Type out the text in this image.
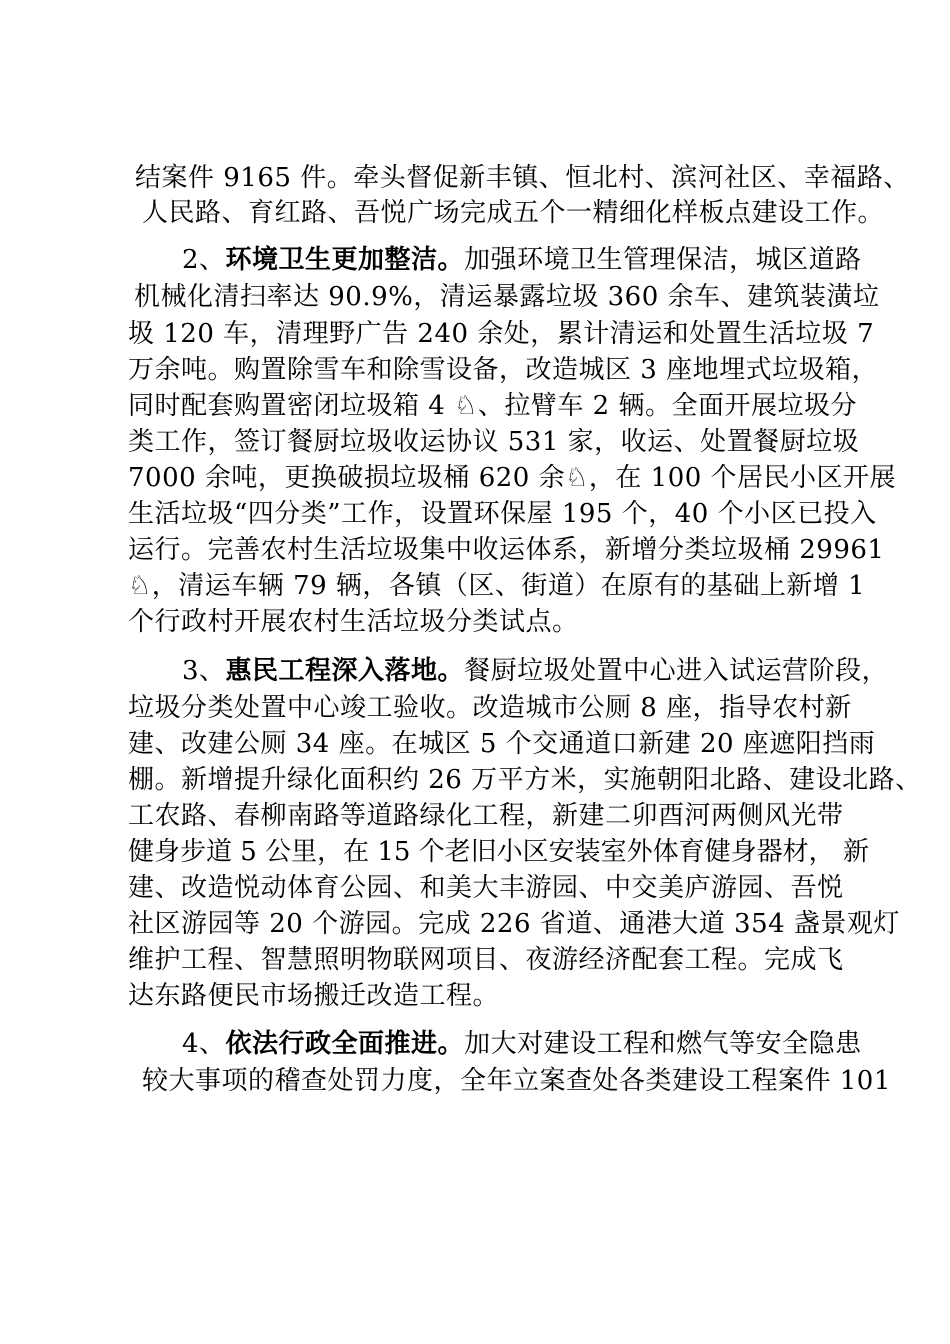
结案件 9165 件。牵头督促新丰镇、恒北村、滨河社区、幸福路、
人民路、育红路、吾悦广场完成五个一精细化样板点建设工作。
2、环境卫生更加整洁。加强环境卫生管理保洁，城区道路
机械化清扫率达 90.9%，清运暴露垃圾 360 余车、建筑装潢垃
圾 120 车，清理野广告 240 余处，累计清运和处置生活垃圾 7
万余吨。购置除雪车和除雪设备，改造城区 3 座地埋式垃圾箱，
同时配套购置密闭垃圾箱 4 ♘、拉臂车 2 辆。全面开展垃圾分
类工作，签订餐厨垃圾收运协议 531 家，收运、处置餐厨垃圾
7000 余吨，更换破损垃圾桶 620 余♘，在 100 个居民小区开展
生活垃圾“四分类”工作，设置环保屋 195 个，40 个小区已投入
运行。完善农村生活垃圾集中收运体系，新增分类垃圾桶 29961
♘，清运车辆 79 辆，各镇（区、街道）在原有的基础上新增 1
个行政村开展农村生活垃圾分类试点。
3、惠民工程深入落地。餐厨垃圾处置中心进入试运营阶段，
垃圾分类处置中心竣工验收。改造城市公厕 8 座，指导农村新
建、改建公厕 34 座。在城区 5 个交通道口新建 20 座遮阳挡雨
棚。新增提升绿化面积约 26 万平方米，实施朝阳北路、建设北路、
工农路、春柳南路等道路绿化工程，新建二卯酉河两侧风光带
健身步道 5 公里，在 15 个老旧小区安装室外体育健身器材， 新
建、改造悦动体育公园、和美大丰游园、中交美庐游园、吾悦
社区游园等 20 个游园。完成 226 省道、通港大道 354 盏景观灯
维护工程、智慧照明物联网项目、夜游经济配套工程。完成飞
达东路便民市场搬迁改造工程。
4、依法行政全面推进。加大对建设工程和燃气等安全隐患
较大事项的稽查处罚力度，全年立案查处各类建设工程案件 101
